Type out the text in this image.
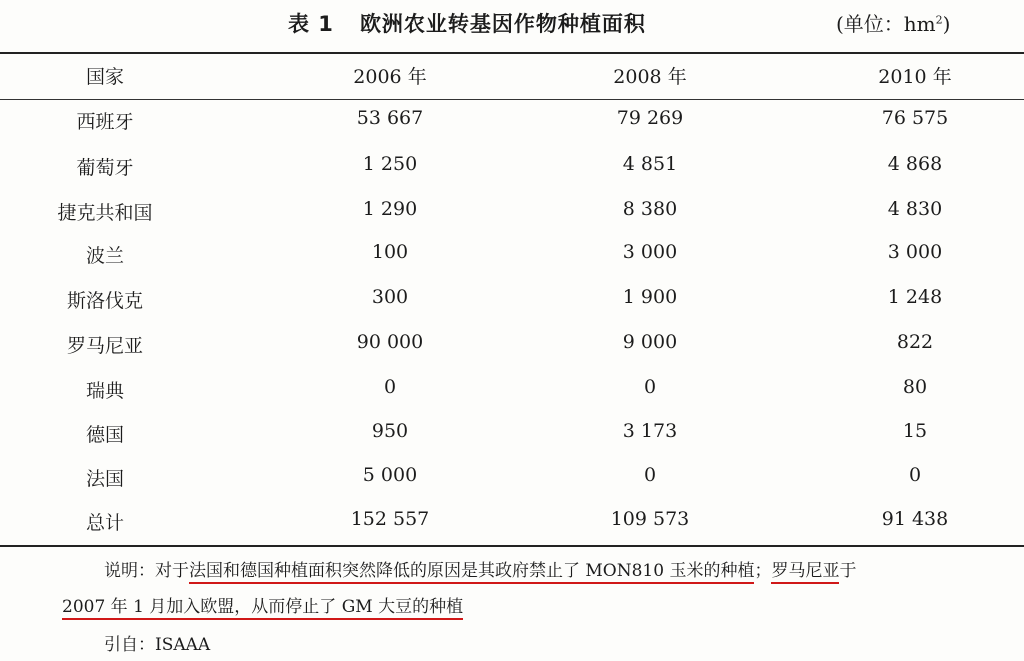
表 1 欧洲农业转基因作物种植面积	(单位：$hm^2$)
国家	2006 年	2008 年	2010 年
西班牙	53 667	79 269	76 575
葡萄牙	1 250	4 851	4 868
捷克共和国	1 290	8 380	4 830
波兰	100	3 000	3 000
斯洛伐克	300	1 900	1 248
罗马尼亚	90 000	9 000	822
瑞典	0	0	80
德国	950	3 173	15
法国	5 000	0	0
总计	152 557	109 573	91 438
说明：对于法国和德国种植面积突然降低的原因是其政府禁止了 MON810 玉米的种植；罗马尼亚于
2007 年 1 月加入欧盟，从而停止了 GM 大豆的种植
引自：ISAAA
